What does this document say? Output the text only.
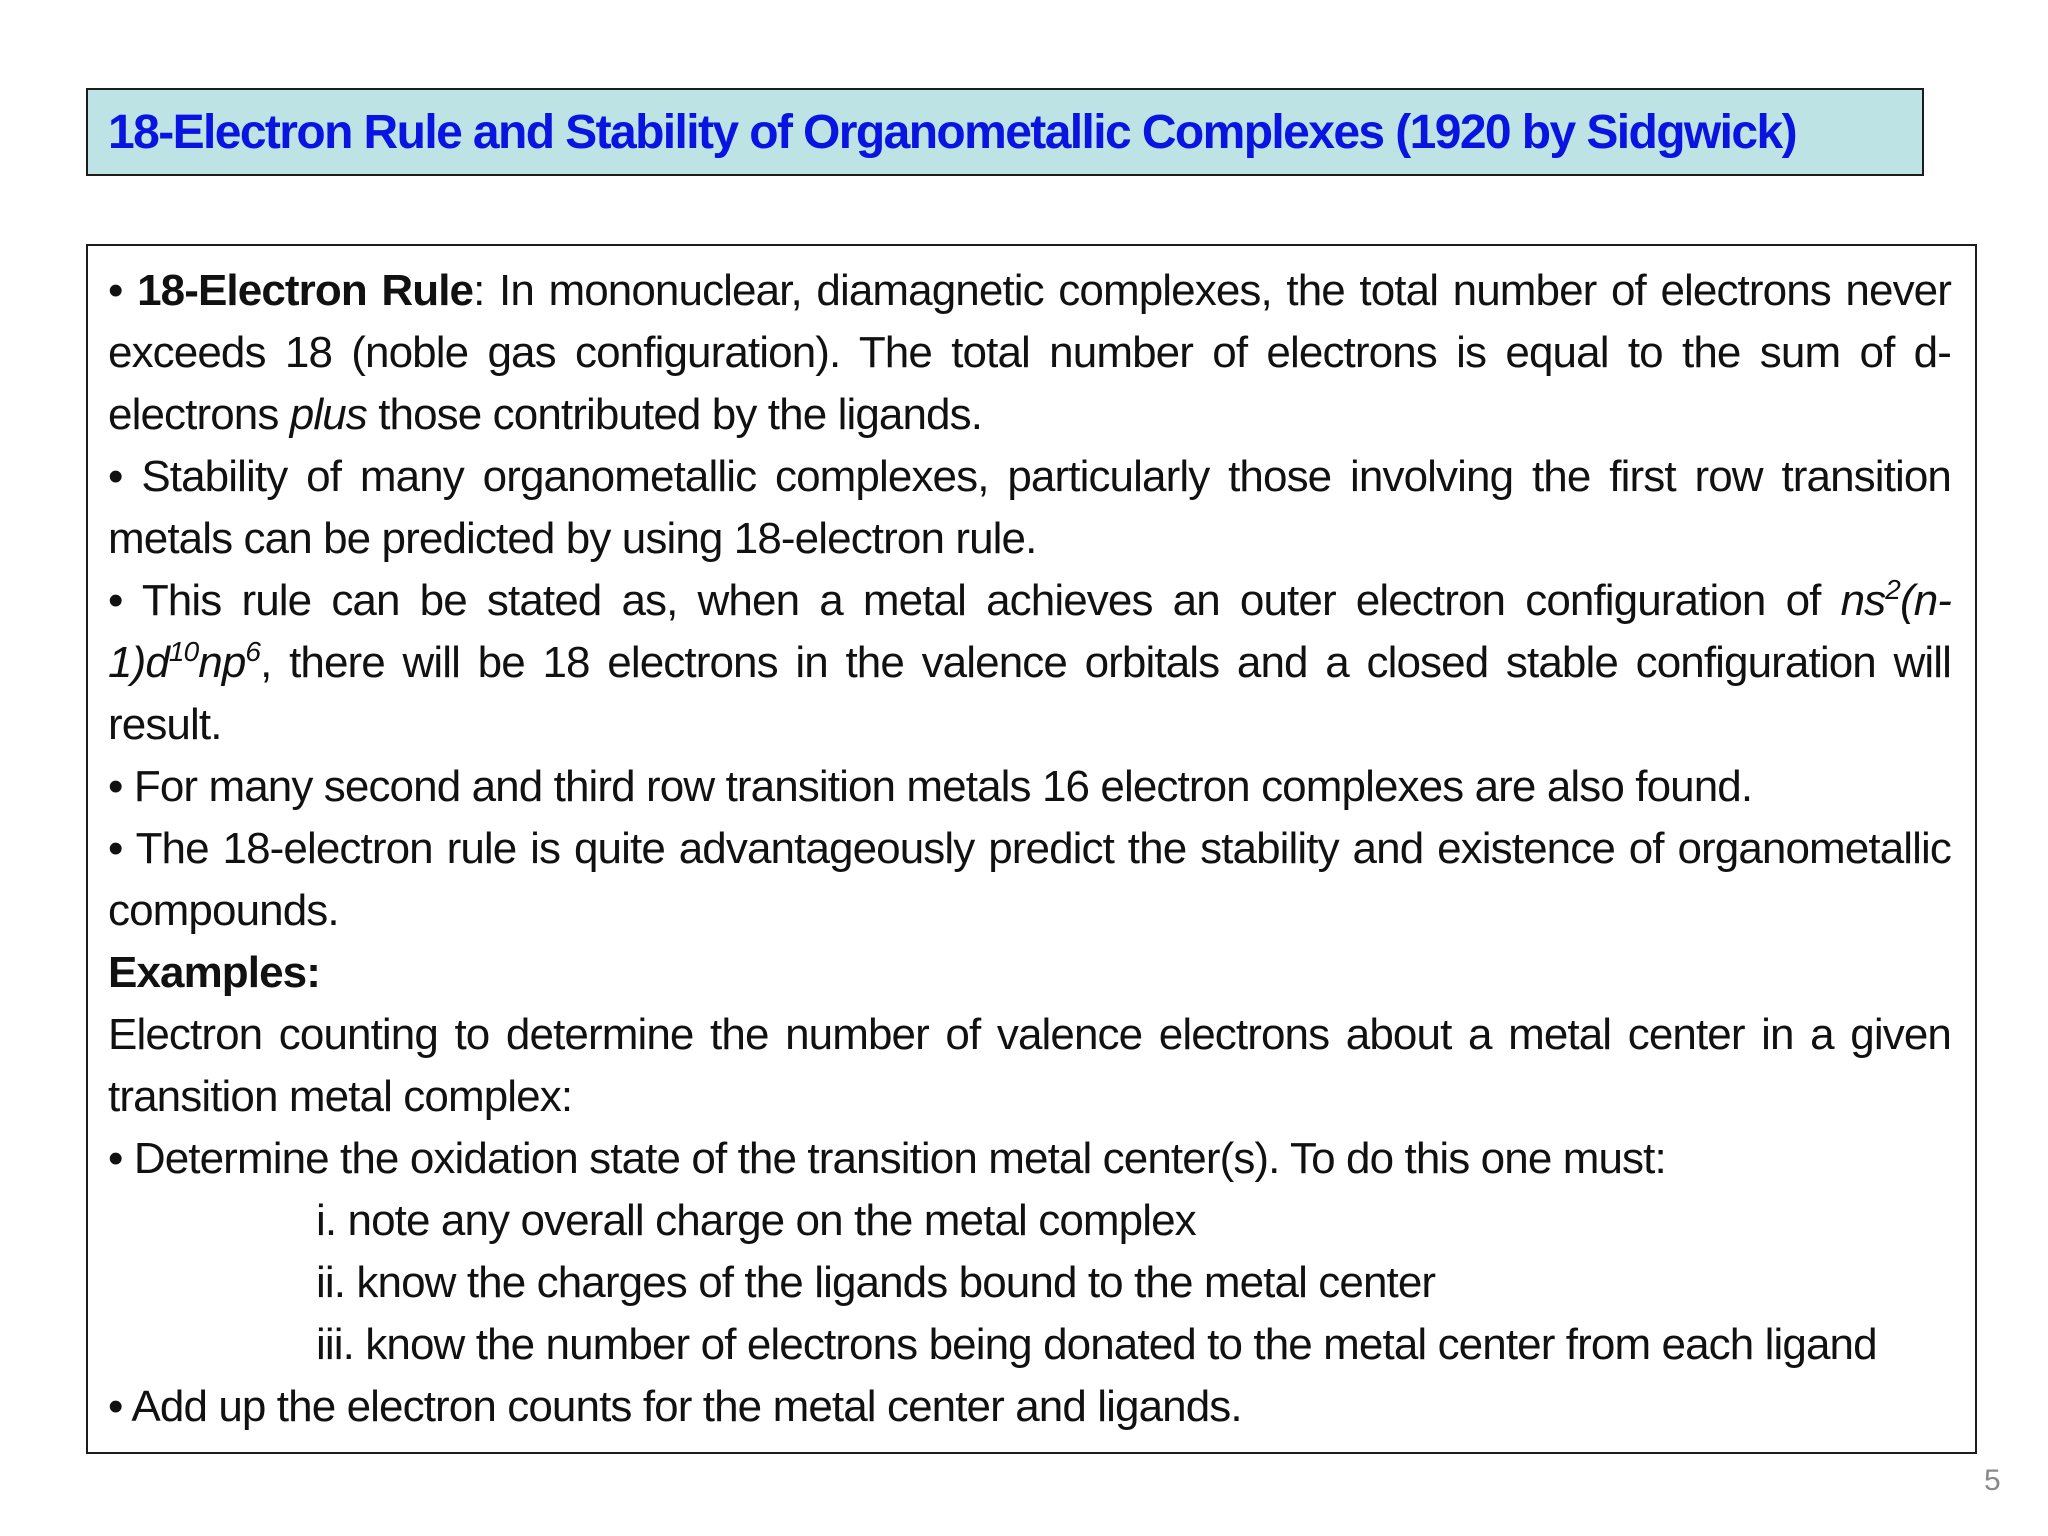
18-Electron Rule and Stability of Organometallic Complexes (1920 by Sidgwick)
• 18-Electron Rule: In mononuclear, diamagnetic complexes, the total number of electrons never
exceeds 18 (noble gas configuration). The total number of electrons is equal to the sum of d-
electrons plus those contributed by the ligands.
• Stability of many organometallic complexes, particularly those involving the first row transition
metals can be predicted by using 18-electron rule.
• This rule can be stated as, when a metal achieves an outer electron configuration of $ns^2(n-$
$1)d^{10}np^6$, there will be 18 electrons in the valence orbitals and a closed stable configuration will
result.
• For many second and third row transition metals 16 electron complexes are also found.
• The 18-electron rule is quite advantageously predict the stability and existence of organometallic
compounds.
Examples:
Electron counting to determine the number of valence electrons about a metal center in a given
transition metal complex:
• Determine the oxidation state of the transition metal center(s). To do this one must:
i. note any overall charge on the metal complex
ii. know the charges of the ligands bound to the metal center
iii. know the number of electrons being donated to the metal center from each ligand
• Add up the electron counts for the metal center and ligands.
5
